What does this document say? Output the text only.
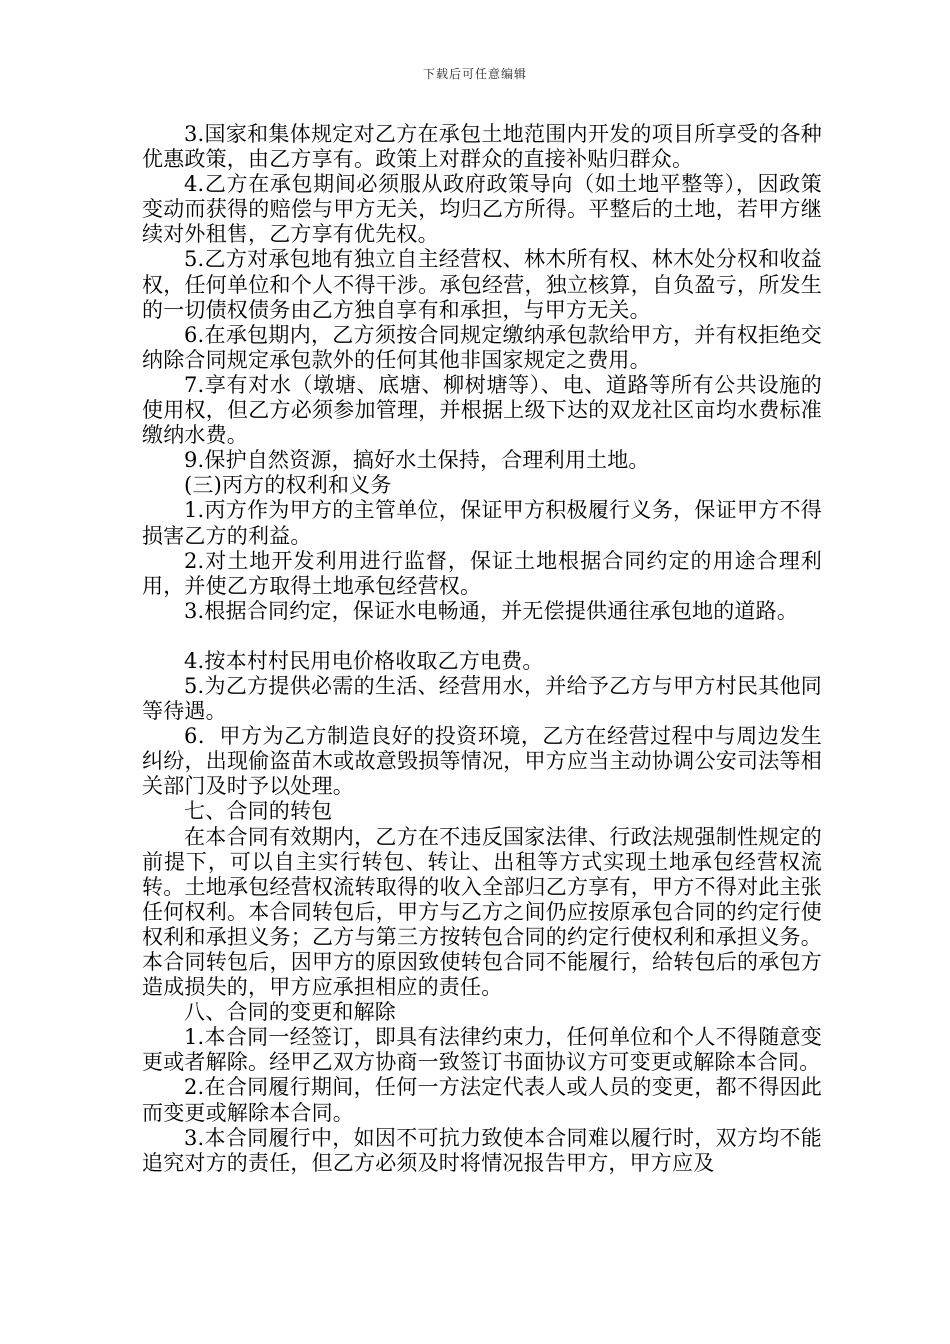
下载后可任意编辑

3.国家和集体规定对乙方在承包土地范围内开发的项目所享受的各种优惠政策，由乙方享有。政策上对群众的直接补贴归群众。

4.乙方在承包期间必须服从政府政策导向（如土地平整等），因政策变动而获得的赔偿与甲方无关，均归乙方所得。平整后的土地，若甲方继续对外租售，乙方享有优先权。

5.乙方对承包地有独立自主经营权、林木所有权、林木处分权和收益权，任何单位和个人不得干涉。承包经营，独立核算，自负盈亏，所发生的一切债权债务由乙方独自享有和承担，与甲方无关。

6.在承包期内，乙方须按合同规定缴纳承包款给甲方，并有权拒绝交纳除合同规定承包款外的任何其他非国家规定之费用。

7.享有对水（墩塘、底塘、柳树塘等）、电、道路等所有公共设施的使用权，但乙方必须参加管理，并根据上级下达的双龙社区亩均水费标准缴纳水费。

9.保护自然资源，搞好水土保持，合理利用土地。

(三)丙方的权利和义务

1.丙方作为甲方的主管单位，保证甲方积极履行义务，保证甲方不得损害乙方的利益。

2.对土地开发利用进行监督，保证土地根据合同约定的用途合理利用，并使乙方取得土地承包经营权。

3.根据合同约定，保证水电畅通，并无偿提供通往承包地的道路。

4.按本村村民用电价格收取乙方电费。

5.为乙方提供必需的生活、经营用水，并给予乙方与甲方村民其他同等待遇。

6．甲方为乙方制造良好的投资环境，乙方在经营过程中与周边发生纠纷，出现偷盗苗木或故意毁损等情况，甲方应当主动协调公安司法等相关部门及时予以处理。

七、合同的转包

在本合同有效期内，乙方在不违反国家法律、行政法规强制性规定的前提下，可以自主实行转包、转让、出租等方式实现土地承包经营权流转。土地承包经营权流转取得的收入全部归乙方享有，甲方不得对此主张任何权利。本合同转包后，甲方与乙方之间仍应按原承包合同的约定行使权利和承担义务；乙方与第三方按转包合同的约定行使权利和承担义务。本合同转包后，因甲方的原因致使转包合同不能履行，给转包后的承包方造成损失的，甲方应承担相应的责任。

八、合同的变更和解除

1.本合同一经签订，即具有法律约束力，任何单位和个人不得随意变更或者解除。经甲乙双方协商一致签订书面协议方可变更或解除本合同。

2.在合同履行期间，任何一方法定代表人或人员的变更，都不得因此而变更或解除本合同。

3.本合同履行中，如因不可抗力致使本合同难以履行时，双方均不能追究对方的责任，但乙方必须及时将情况报告甲方，甲方应及
